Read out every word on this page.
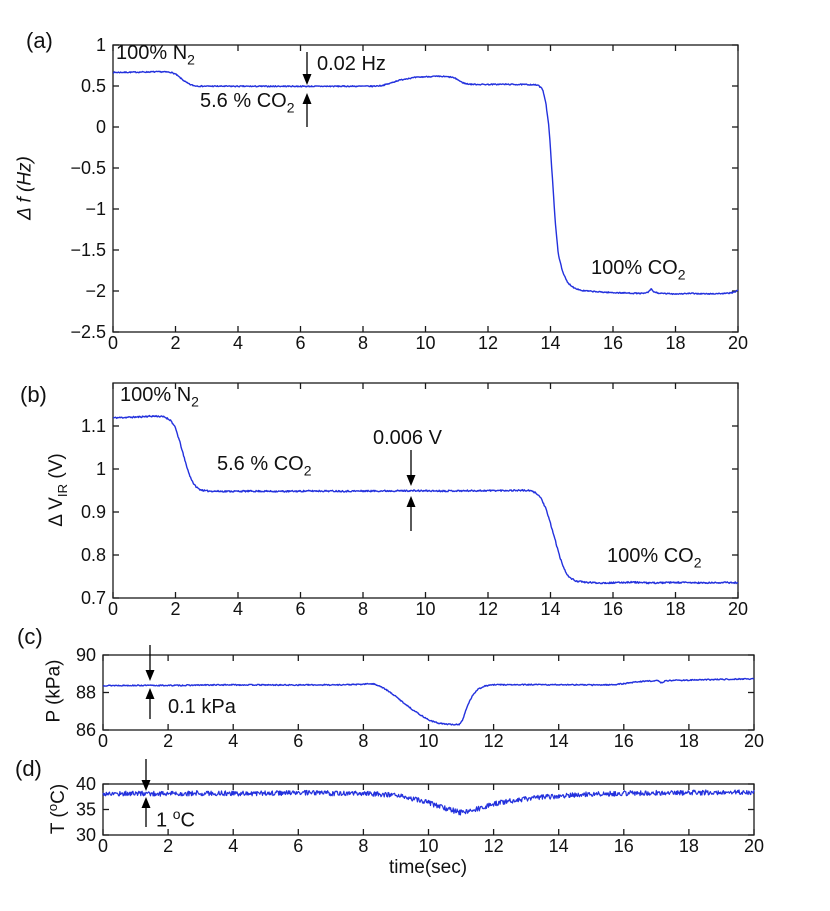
0	2	4	6	8	10 12 14 16 18 20
1
0.5
0
−0.5
−1
−1.5
−2
−2.5
0	2	4	6	8	10 12 14 16 18 20
1.1
1
0.9
0.8
0.7
0	2	4	6	8	10	12	14	16	18	20
90
88
86
0	2	4	6	8	10	12	14	16	18	20
40
35
30
(a)
(b)
(c)
(d)
Δ f (Hz)
Δ $V_{IR}$ (V)
P (kPa)
T ($^o$C)
time(sec)
100% $N_2$
5.6 % $CO_2$
0.02 Hz
100% $CO_2$
100% $N_2$
5.6 % $CO_2$
0.006 V
100% $CO_2$
0.1 kPa
1 $^o$C
